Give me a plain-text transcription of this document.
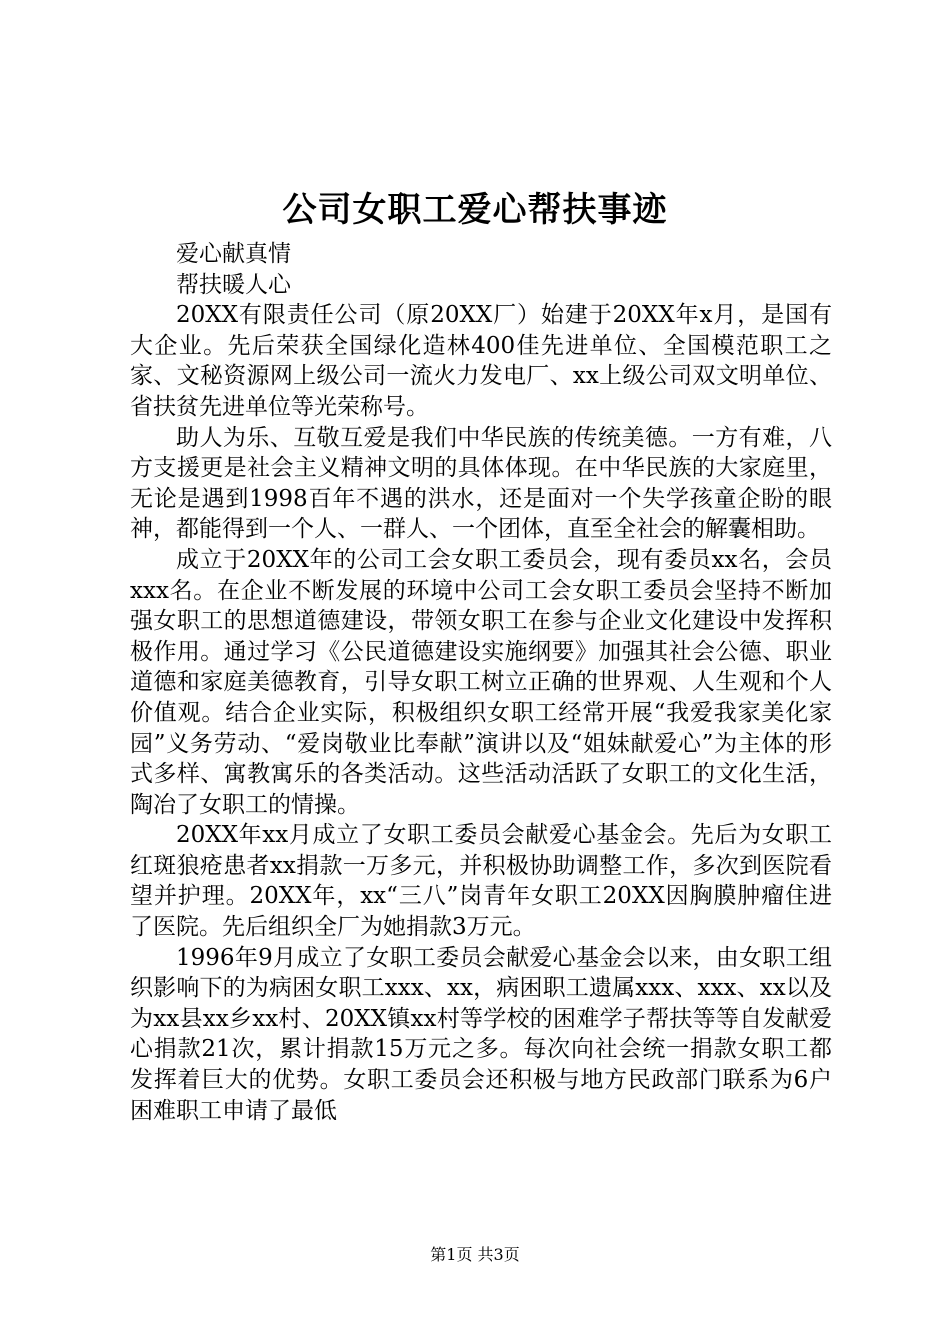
公司女职工爱心帮扶事迹

爱心献真情

帮扶暖人心

20XX有限责任公司（原20XX厂）始建于20XX年x月，是国有大企业。先后荣获全国绿化造林400佳先进单位、全国模范职工之家、文秘资源网上级公司一流火力发电厂、xx上级公司双文明单位、省扶贫先进单位等光荣称号。

助人为乐、互敬互爱是我们中华民族的传统美德。一方有难，八方支援更是社会主义精神文明的具体体现。在中华民族的大家庭里，无论是遇到1998百年不遇的洪水，还是面对一个失学孩童企盼的眼神，都能得到一个人、一群人、一个团体，直至全社会的解囊相助。

成立于20XX年的公司工会女职工委员会，现有委员xx名，会员xxx名。在企业不断发展的环境中公司工会女职工委员会坚持不断加强女职工的思想道德建设，带领女职工在参与企业文化建设中发挥积极作用。通过学习《公民道德建设实施纲要》加强其社会公德、职业道德和家庭美德教育，引导女职工树立正确的世界观、人生观和个人价值观。结合企业实际，积极组织女职工经常开展“我爱我家美化家园”义务劳动、“爱岗敬业比奉献”演讲以及“姐妹献爱心”为主体的形式多样、寓教寓乐的各类活动。这些活动活跃了女职工的文化生活，陶冶了女职工的情操。

20XX年xx月成立了女职工委员会献爱心基金会。先后为女职工红斑狼疮患者xx捐款一万多元，并积极协助调整工作，多次到医院看望并护理。20XX年，xx“三八”岗青年女职工20XX因胸膜肿瘤住进了医院。先后组织全厂为她捐款3万元。

1996年9月成立了女职工委员会献爱心基金会以来，由女职工组织影响下的为病困女职工xxx、xx，病困职工遗属xxx、xxx、xx以及为xx县xx乡xx村、20XX镇xx村等学校的困难学子帮扶等等自发献爱心捐款21次，累计捐款15万元之多。每次向社会统一捐款女职工都发挥着巨大的优势。女职工委员会还积极与地方民政部门联系为6户困难职工申请了最低

第1页 共3页
